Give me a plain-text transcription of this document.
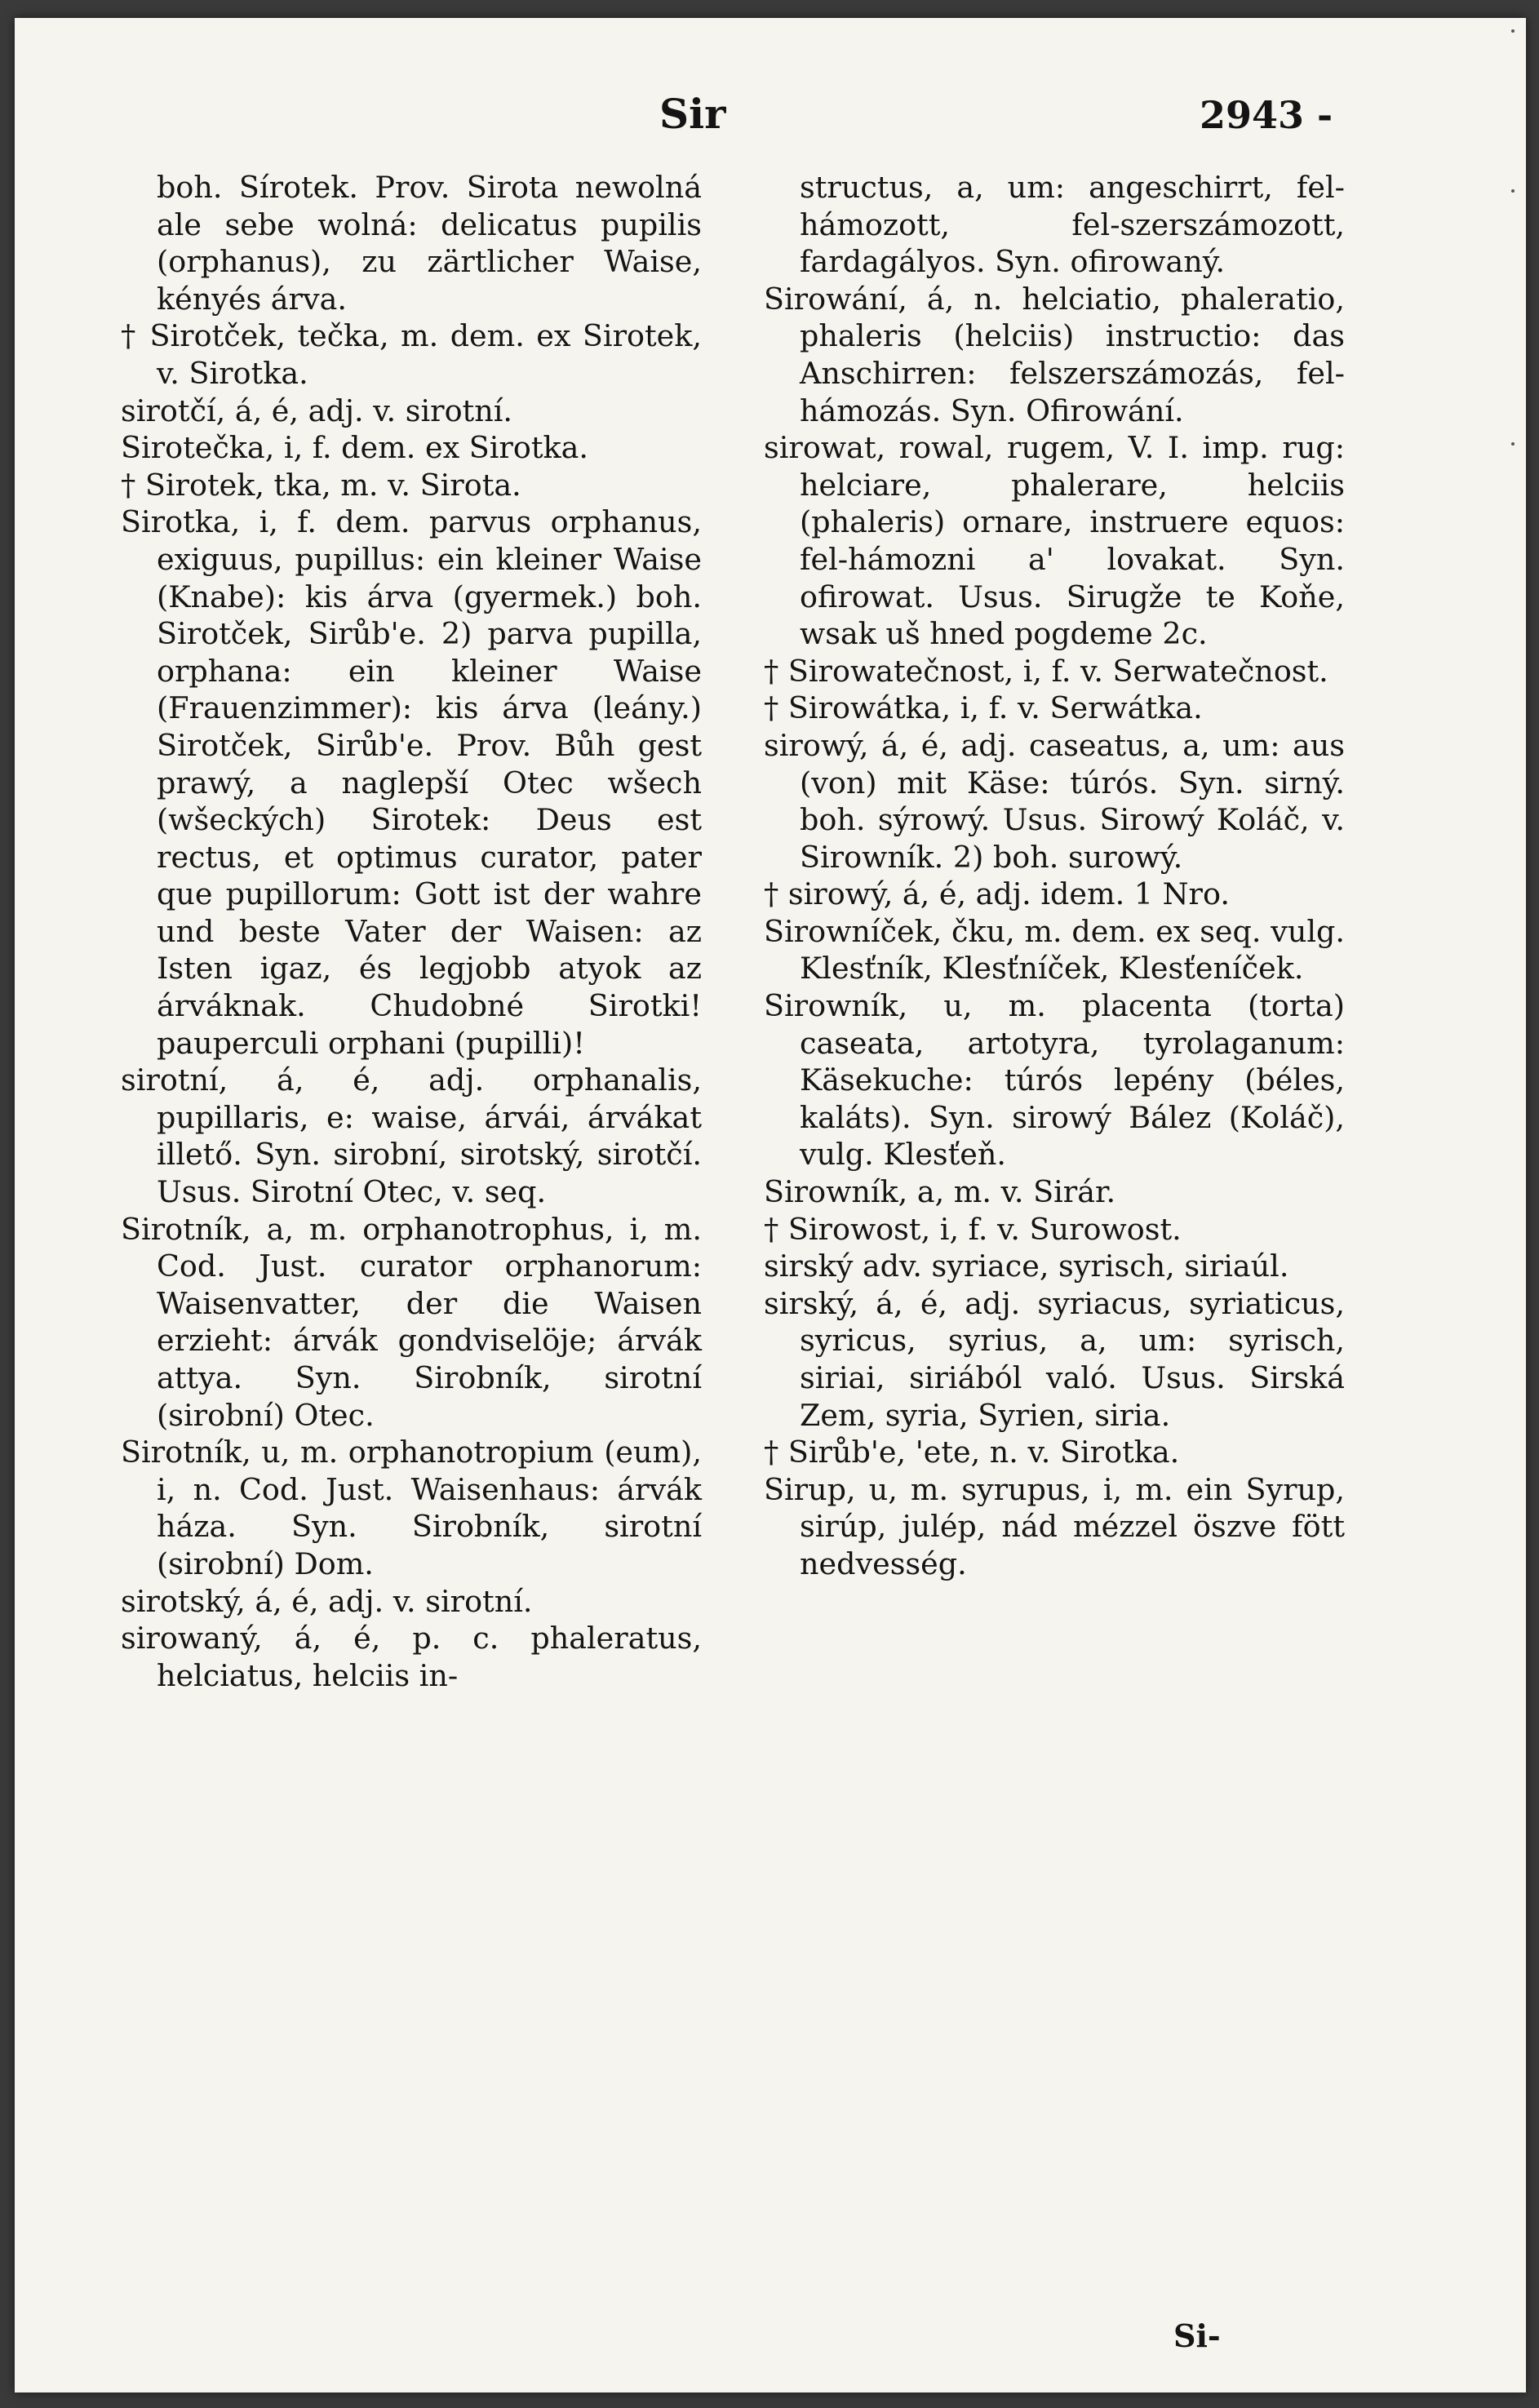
Sir	2943 -

boh. Sírotek. Prov. Sirota newolná ale sebe wolná: delicatus pupilis (orphanus), zu zärtlicher Waise, kényés árva.

† Sirotček, tečka, m. dem. ex Sirotek, v. Sirotka.

sirotčí, á, é, adj. v. sirotní.

Sirotečka, i, f. dem. ex Sirotka.

† Sirotek, tka, m. v. Sirota.

Sirotka, i, f. dem. parvus orphanus, exiguus, pupillus: ein kleiner Waise (Knabe): kis árva (gyermek.) boh. Sirotček, Sirůb'e. 2) parva pupilla, orphana: ein kleiner Waise (Frauenzimmer): kis árva (leány.) Sirotček, Sirůb'e. Prov. Bůh gest prawý, a naglepší Otec wšech (wšeckých) Sirotek: Deus est rectus, et optimus curator, pater que pupillorum: Gott ist der wahre und beste Vater der Waisen: az Isten igaz, és legjobb atyok az árváknak. Chudobné Sirotki! pauperculi orphani (pupilli)!

sirotní, á, é, adj. orphanalis, pupillaris, e: waise, árvái, árvákat illető. Syn. sirobní, sirotský, sirotčí. Usus. Sirotní Otec, v. seq.

Sirotník, a, m. orphanotrophus, i, m. Cod. Just. curator orphanorum: Waisenvatter, der die Waisen erzieht: árvák gondviselöje; árvák attya. Syn. Sirobník, sirotní (sirobní) Otec.

Sirotník, u, m. orphanotropium (eum), i, n. Cod. Just. Waisenhaus: árvák háza. Syn. Sirobník, sirotní (sirobní) Dom.

sirotský, á, é, adj. v. sirotní.

sirowaný, á, é, p. c. phaleratus, helciatus, helciis in-

structus, a, um: angeschirrt, fel-hámozott, fel-szerszámozott, fardagályos. Syn. ofirowaný.

Sirowání, á, n. helciatio, phaleratio, phaleris (helciis) instructio: das Anschirren: felszerszámozás, fel-hámozás. Syn. Ofirowání.

sirowat, rowal, rugem, V. I. imp. rug: helciare, phalerare, helciis (phaleris) ornare, instruere equos: fel-hámozni a' lovakat. Syn. ofirowat. Usus. Sirugže te Koňe, wsak uš hned pogdeme 2c.

† Sirowatečnost, i, f. v. Serwatečnost.

† Sirowátka, i, f. v. Serwátka.

sirowý, á, é, adj. caseatus, a, um: aus (von) mit Käse: túrós. Syn. sirný. boh. sýrowý. Usus. Sirowý Koláč, v. Sirowník. 2) boh. surowý.

† sirowý, á, é, adj. idem. 1 Nro.

Sirowníček, čku, m. dem. ex seq. vulg. Klesťník, Klesťníček, Klesťeníček.

Sirowník, u, m. placenta (torta) caseata, artotyra, tyrolaganum: Käsekuche: túrós lepény (béles, kaláts). Syn. sirowý Bález (Koláč), vulg. Klesťeň.

Sirowník, a, m. v. Sirár.

† Sirowost, i, f. v. Surowost.

sirský adv. syriace, syrisch, siriaúl.

sirský, á, é, adj. syriacus, syriaticus, syricus, syrius, a, um: syrisch, siriai, siriából való. Usus. Sirská Zem, syria, Syrien, siria.

† Sirůb'e, 'ete, n. v. Sirotka.

Sirup, u, m. syrupus, i, m. ein Syrup, sirúp, julép, nád mézzel öszve fött nedvesség.

Si-
